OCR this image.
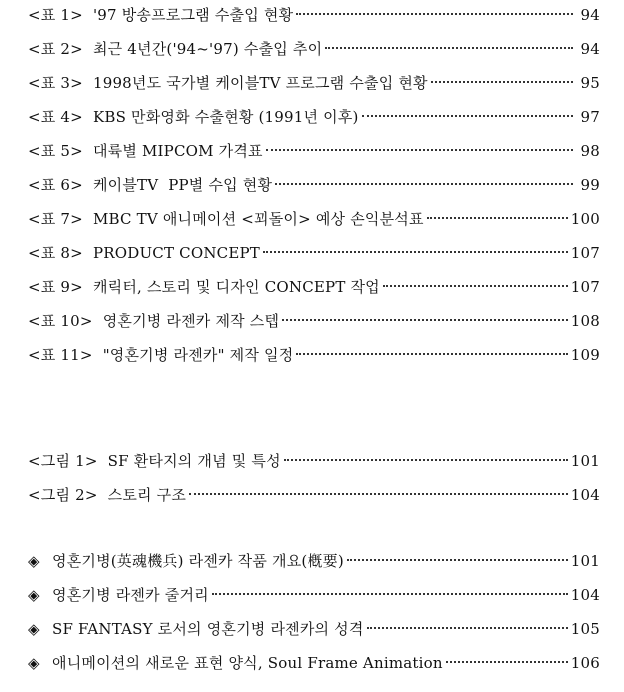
<표 1> '97 방송프로그램 수출입 현황	94
<표 2> 최근 4년간('94~'97) 수출입 추이	94
<표 3> 1998년도 국가별 케이블TV 프로그램 수출입 현황	95
<표 4> KBS 만화영화 수출현황 (1991년 이후)	97
<표 5> 대륙별 MIPCOM 가격표	98
<표 6> 케이블TV  PP별 수입 현황	99
<표 7> MBC TV 애니메이션 <꾀돌이> 예상 손익분석표	100
<표 8> PRODUCT CONCEPT	107
<표 9> 캐릭터, 스토리 및 디자인 CONCEPT 작업	107
<표 10> 영혼기병 라젠카 제작 스텝	108
<표 11> "영혼기병 라젠카" 제작 일정	109
<그림 1> SF 환타지의 개념 및 특성	101
<그림 2> 스토리 구조	104
◈ 영혼기병(英魂機兵) 라젠카 작품 개요(槪要)	101
◈ 영혼기병 라젠카 줄거리	104
◈ SF FANTASY 로서의 영혼기병 라젠카의 성격	105
◈ 애니메이션의 새로운 표현 양식, Soul Frame Animation	106
